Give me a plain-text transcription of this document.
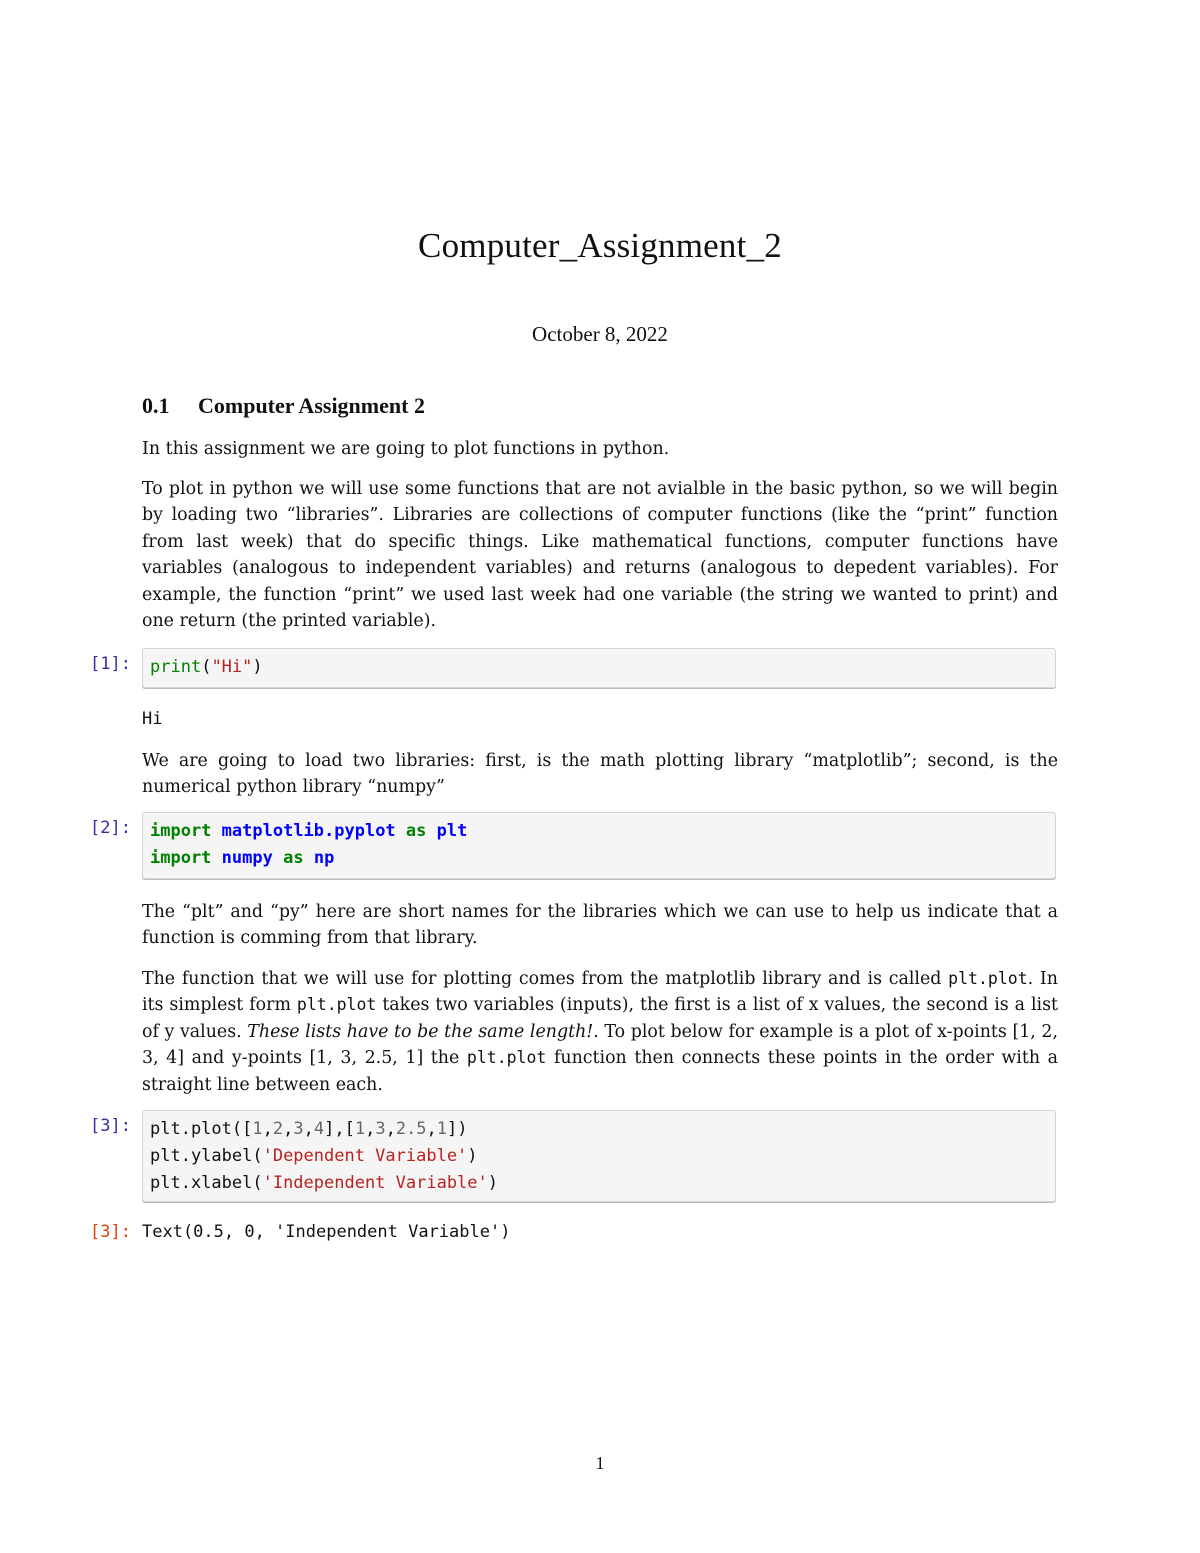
Computer_Assignment_2
October 8, 2022
0.1 Computer Assignment 2

In this assignment we are going to plot functions in python.

To plot in python we will use some functions that are not avialble in the basic python, so we will begin by loading two “libraries”. Libraries are collections of computer functions (like the “print” function from last week) that do specific things. Like mathematical functions, computer functions have variables (analogous to independent variables) and returns (analogous to depedent variables). For example, the function “print” we used last week had one variable (the string we wanted to print) and one return (the printed variable).

[1]:	print("Hi")
Hi

We are going to load two libraries: first, is the math plotting library “matplotlib”; second, is the numerical python library “numpy”

[2]:	import matplotlib.pyplot as plt
import numpy as np

The “plt” and “py” here are short names for the libraries which we can use to help us indicate that a function is comming from that library.

The function that we will use for plotting comes from the matplotlib library and is called plt.plot. In its simplest form plt.plot takes two variables (inputs), the first is a list of x values, the second is a list of y values. These lists have to be the same length!. To plot below for example is a plot of x-points [1, 2, 3, 4] and y-points [1, 3, 2.5, 1] the plt.plot function then connects these points in the order with a straight line between each.

[3]:	plt.plot([1,2,3,4],[1,3,2.5,1])
plt.ylabel('Dependent Variable')
plt.xlabel('Independent Variable')
[3]: Text(0.5, 0, 'Independent Variable')
1
